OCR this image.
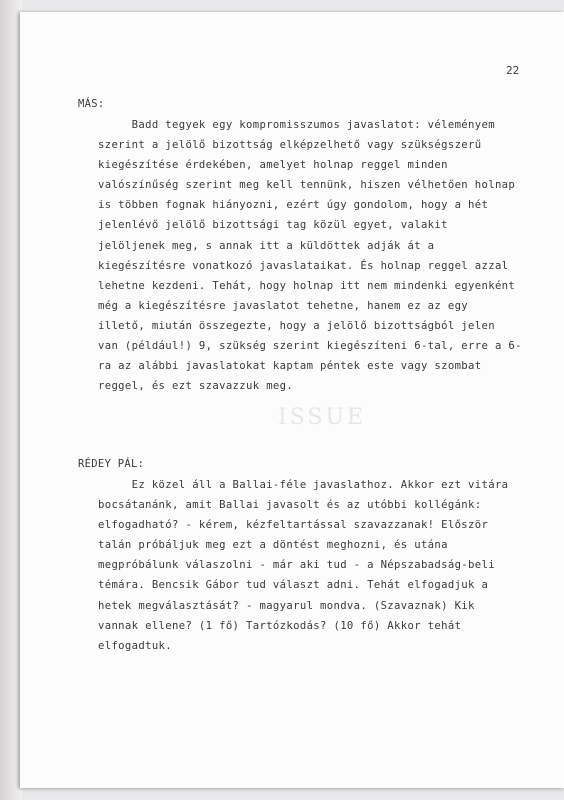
22
MÁS:
Badd tegyek egy kompromisszumos javaslatot: véleményem
szerint a jelölő bizottság elképzelhető vagy szükségszerű
kiegészítése érdekében, amelyet holnap reggel minden
valószínűség szerint meg kell tennünk, hiszen vélhetően holnap
is többen fognak hiányozni, ezért úgy gondolom, hogy a hét
jelenlévő jelölő bizottsági tag közül egyet, valakit
jelöljenek meg, s annak itt a küldöttek adják át a
kiegészítésre vonatkozó javaslataikat. És holnap reggel azzal
lehetne kezdeni. Tehát, hogy holnap itt nem mindenki egyenként
még a kiegészítésre javaslatot tehetne, hanem ez az egy
illető, miután összegezte, hogy a jelölő bizottságból jelen
van (például!) 9, szükség szerint kiegészíteni 6-tal, erre a 6-
ra az alábbi javaslatokat kaptam péntek este vagy szombat
reggel, és ezt szavazzuk meg.
RÉDEY PÁL:
Ez közel áll a Ballai-féle javaslathoz. Akkor ezt vitára
bocsátanánk, amit Ballai javasolt és az utóbbi kollégánk:
elfogadható? - kérem, kézfeltartással szavazzanak! Először
talán próbáljuk meg ezt a döntést meghozni, és utána
megpróbálunk válaszolni - már aki tud - a Népszabadság-beli
témára. Bencsik Gábor tud választ adni. Tehát elfogadjuk a
hetek megválasztását? - magyarul mondva. (Szavaznak) Kik
vannak ellene? (1 fő) Tartózkodás? (10 fő) Akkor tehát
elfogadtuk.
ISSUE
